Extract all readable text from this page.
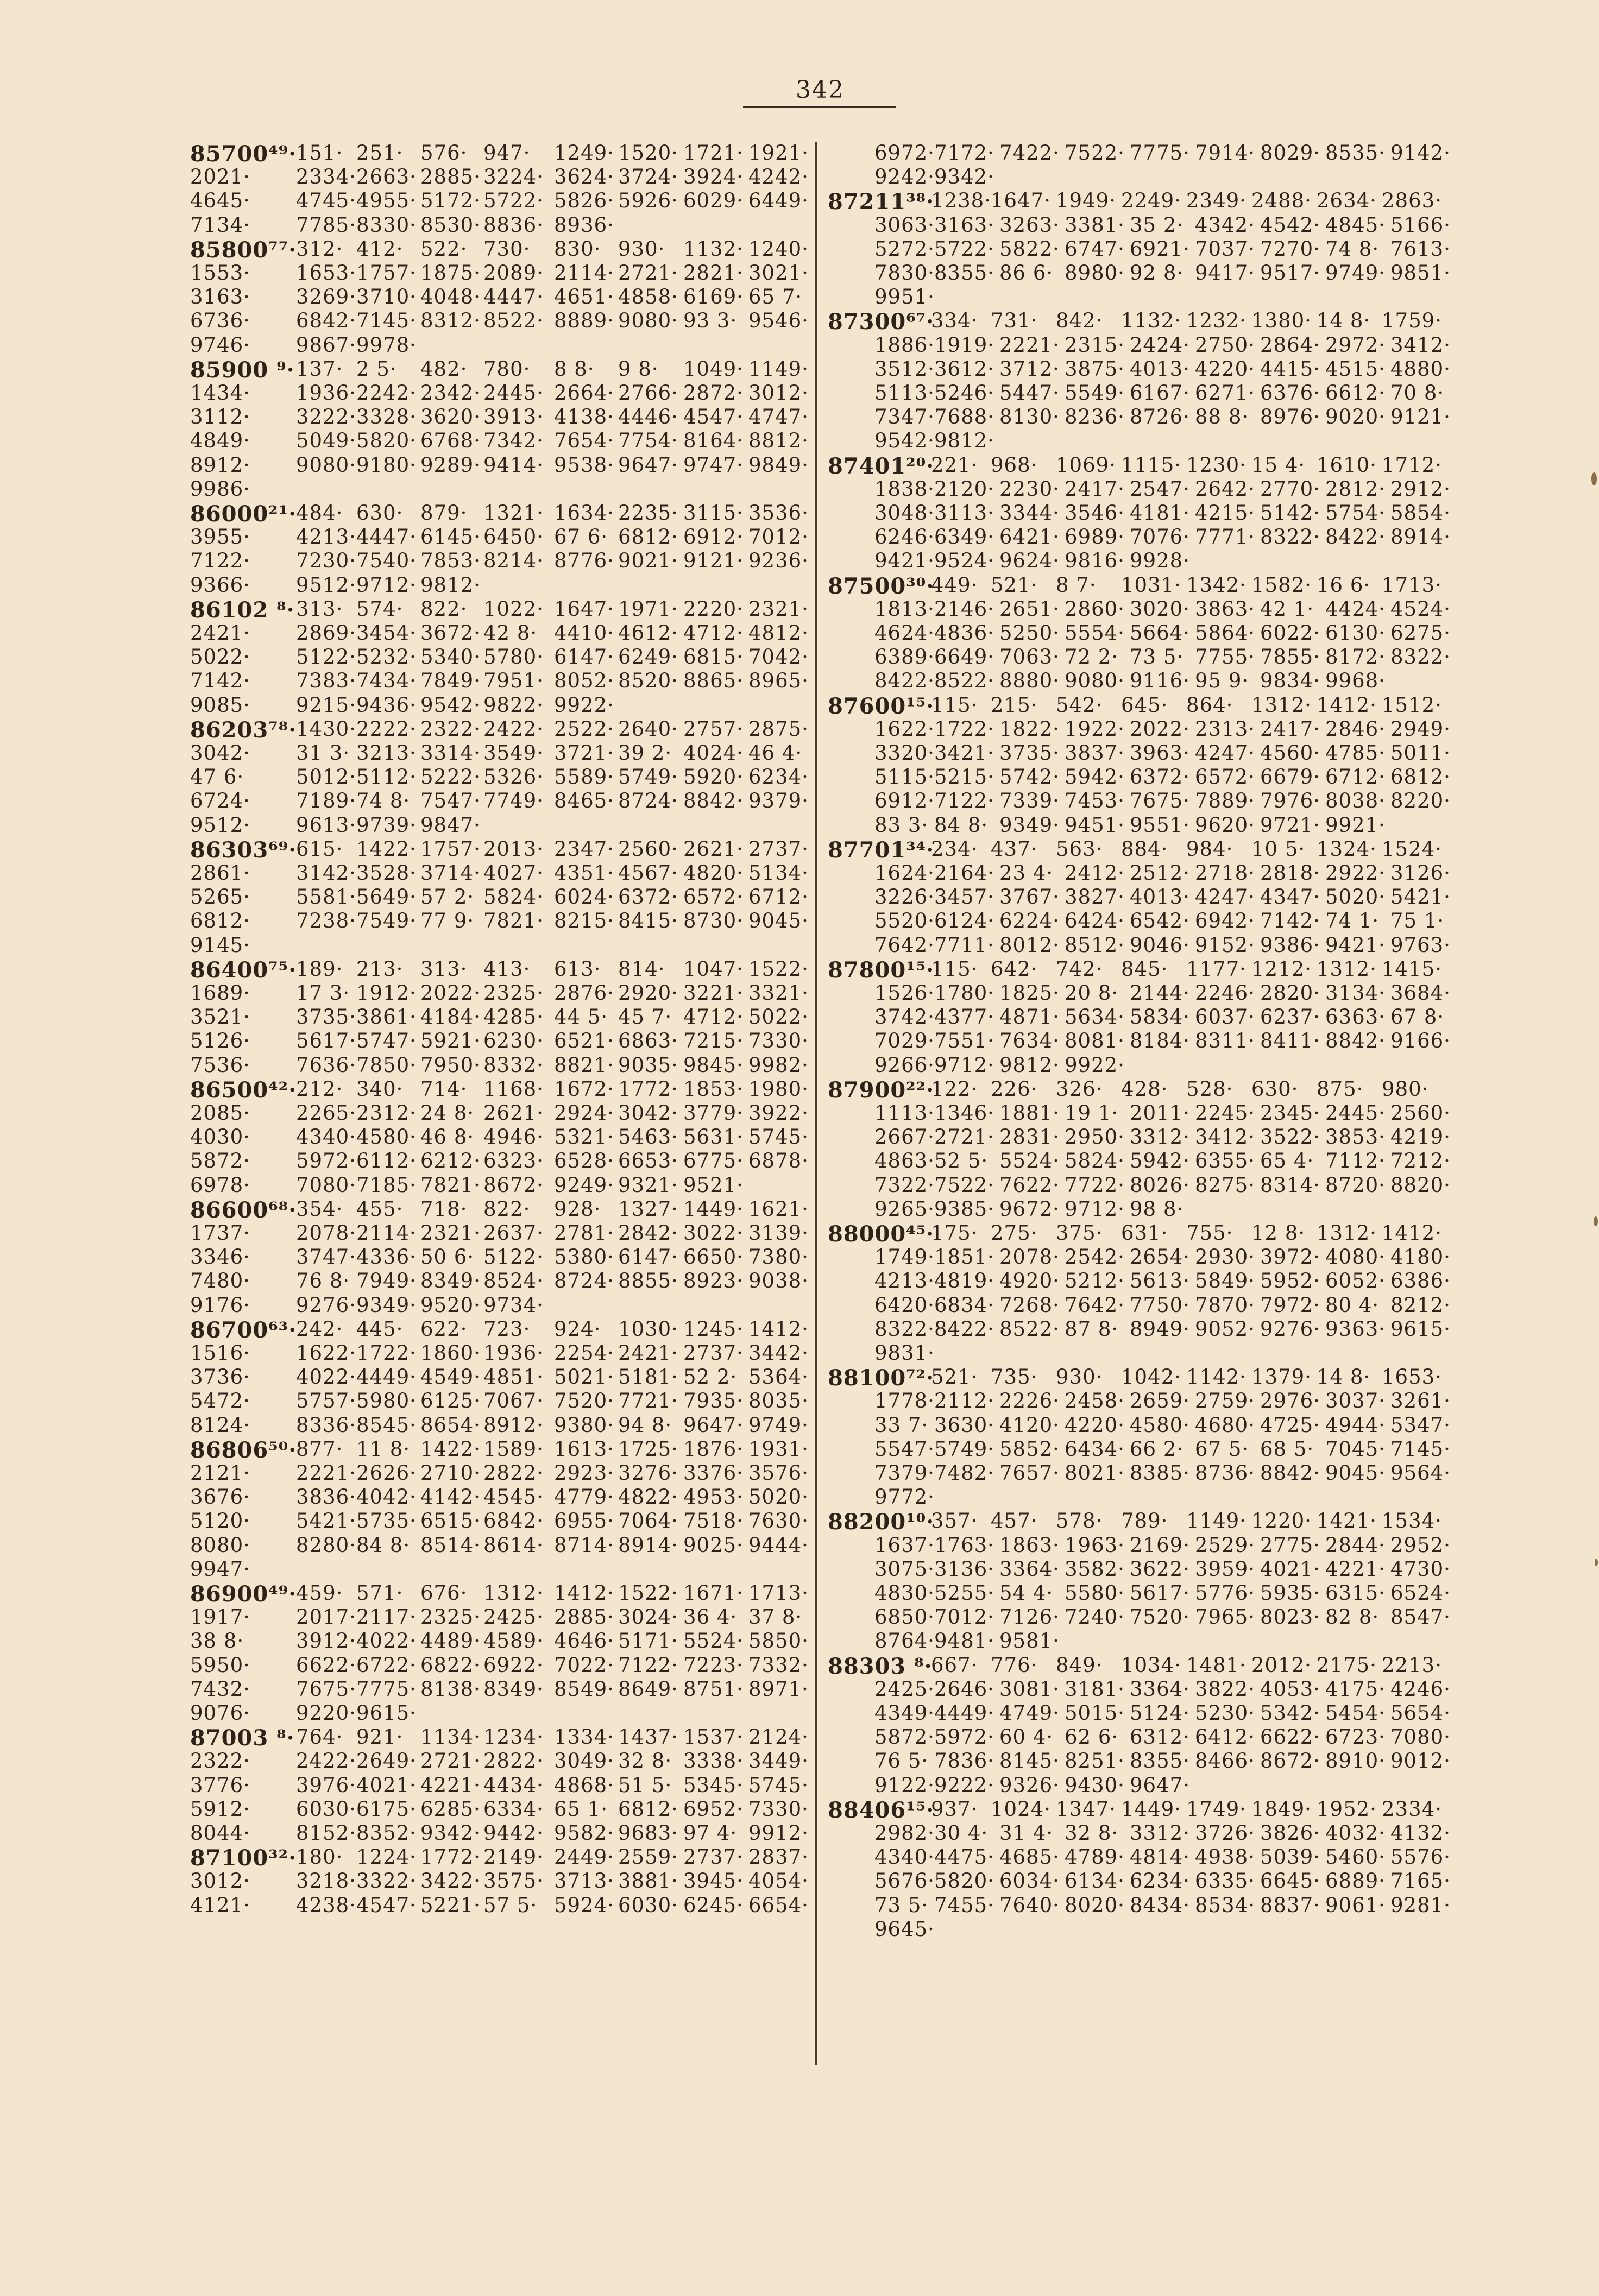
342
85700⁴⁹·
151· 251· 576· 947· 1249· 1520· 1721· 1921·
2021· 2334· 2663· 2885· 3224· 3624· 3724· 3924· 4242·
4645· 4745· 4955· 5172· 5722· 5826· 5926· 6029· 6449·
7134· 7785· 8330· 8530· 8836· 8936·
85800⁷⁷·
312· 412· 522· 730· 830· 930· 1132· 1240·
1553· 1653· 1757· 1875· 2089· 2114· 2721· 2821· 3021·
3163· 3269· 3710· 4048· 4447· 4651· 4858· 6169· 65 7·
6736· 6842· 7145· 8312· 8522· 8889· 9080· 93 3· 9546·
9746· 9867· 9978·
85900 ⁹· 137· 2 5· 482· 780· 8 8· 9 8· 1049· 1149·
1434· 1936· 2242· 2342· 2445· 2664· 2766· 2872· 3012·
3112· 3222· 3328· 3620· 3913· 4138· 4446· 4547· 4747·
4849· 5049· 5820· 6768· 7342· 7654· 7754· 8164· 8812·
8912· 9080· 9180· 9289· 9414· 9538· 9647· 9747· 9849·
9986·
86000²¹·
484· 630· 879· 1321· 1634· 2235· 3115· 3536·
3955· 4213· 4447· 6145· 6450· 67 6· 6812· 6912· 7012·
7122· 7230· 7540· 7853· 8214· 8776· 9021· 9121· 9236·
9366· 9512· 9712· 9812·
86102 ⁸· 313· 574· 822· 1022· 1647· 1971· 2220· 2321·
2421· 2869· 3454· 3672· 42 8· 4410· 4612· 4712· 4812·
5022· 5122· 5232· 5340· 5780· 6147· 6249· 6815· 7042·
7142· 7383· 7434· 7849· 7951· 8052· 8520· 8865· 8965·
9085· 9215· 9436· 9542· 9822· 9922·
86203⁷⁸·
1430· 2222· 2322· 2422· 2522· 2640· 2757· 2875·
3042· 31 3· 3213· 3314· 3549· 3721· 39 2· 4024· 46 4·
47 6·	5012· 5112· 5222· 5326· 5589· 5749· 5920· 6234·
6724· 7189· 74 8· 7547· 7749· 8465· 8724· 8842· 9379·
9512· 9613· 9739· 9847·
86303⁶⁹·
615· 1422· 1757· 2013· 2347· 2560· 2621· 2737·
2861· 3142· 3528· 3714· 4027· 4351· 4567· 4820· 5134·
5265· 5581· 5649· 57 2· 5824· 6024· 6372· 6572· 6712·
6812· 7238· 7549· 77 9· 7821· 8215· 8415· 8730· 9045·
9145·
86400⁷⁵·
189· 213· 313· 413· 613· 814· 1047· 1522·
1689· 17 3· 1912· 2022· 2325· 2876· 2920· 3221· 3321·
3521· 3735· 3861· 4184· 4285· 44 5· 45 7· 4712· 5022·
5126· 5617· 5747· 5921· 6230· 6521· 6863· 7215· 7330·
7536· 7636· 7850· 7950· 8332· 8821· 9035· 9845· 9982·
86500⁴²·
212· 340· 714· 1168· 1672· 1772· 1853· 1980·
2085· 2265· 2312· 24 8· 2621· 2924· 3042· 3779· 3922·
4030· 4340· 4580· 46 8· 4946· 5321· 5463· 5631· 5745·
5872· 5972· 6112· 6212· 6323· 6528· 6653· 6775· 6878·
6978· 7080· 7185· 7821· 8672· 9249· 9321· 9521·
86600⁶⁸·
354· 455· 718· 822· 928· 1327· 1449· 1621·
1737· 2078· 2114· 2321· 2637· 2781· 2842· 3022· 3139·
3346· 3747· 4336· 50 6· 5122· 5380· 6147· 6650· 7380·
7480· 76 8· 7949· 8349· 8524· 8724· 8855· 8923· 9038·
9176· 9276· 9349· 9520· 9734·
86700⁶³·
242· 445· 622· 723· 924· 1030· 1245· 1412·
1516· 1622· 1722· 1860· 1936· 2254· 2421· 2737· 3442·
3736· 4022· 4449· 4549· 4851· 5021· 5181· 52 2· 5364·
5472· 5757· 5980· 6125· 7067· 7520· 7721· 7935· 8035·
8124· 8336· 8545· 8654· 8912· 9380· 94 8· 9647· 9749·
86806⁵⁰·
877· 11 8· 1422· 1589· 1613· 1725· 1876· 1931·
2121· 2221· 2626· 2710· 2822· 2923· 3276· 3376· 3576·
3676· 3836· 4042· 4142· 4545· 4779· 4822· 4953· 5020·
5120· 5421· 5735· 6515· 6842· 6955· 7064· 7518· 7630·
8080· 8280· 84 8· 8514· 8614· 8714· 8914· 9025· 9444·
9947·
86900⁴⁹·
459· 571· 676· 1312· 1412· 1522· 1671· 1713·
1917· 2017· 2117· 2325· 2425· 2885· 3024· 36 4· 37 8·
38 8·	3912· 4022· 4489· 4589· 4646· 5171· 5524· 5850·
5950· 6622· 6722· 6822· 6922· 7022· 7122· 7223· 7332·
7432· 7675· 7775· 8138· 8349· 8549· 8649· 8751· 8971·
9076· 9220· 9615·
87003 ⁸· 764· 921· 1134· 1234· 1334· 1437· 1537· 2124·
2322· 2422· 2649· 2721· 2822· 3049· 32 8· 3338· 3449·
3776· 3976· 4021· 4221· 4434· 4868· 51 5· 5345· 5745·
5912· 6030· 6175· 6285· 6334· 65 1· 6812· 6952· 7330·
8044· 8152· 8352· 9342· 9442· 9582· 9683· 97 4· 9912·
87100³²·
180· 1224· 1772· 2149· 2449· 2559· 2737· 2837·
3012· 3218· 3322· 3422· 3575· 3713· 3881· 3945· 4054·
4121· 4238· 4547· 5221· 57 5· 5924· 6030· 6245· 6654·
6972· 7172· 7422· 7522· 7775· 7914· 8029· 8535· 9142·
9242· 9342·
87211³⁸·
1238· 1647· 1949· 2249· 2349· 2488· 2634· 2863·
3063· 3163· 3263· 3381· 35 2· 4342· 4542· 4845· 5166·
5272· 5722· 5822· 6747· 6921· 7037· 7270· 74 8· 7613·
7830· 8355· 86 6· 8980· 92 8· 9417· 9517· 9749· 9851·
9951·
87300⁶⁷·
334· 731· 842· 1132· 1232· 1380· 14 8· 1759·
1886· 1919· 2221· 2315· 2424· 2750· 2864· 2972· 3412·
3512· 3612· 3712· 3875· 4013· 4220· 4415· 4515· 4880·
5113· 5246· 5447· 5549· 6167· 6271· 6376· 6612· 70 8·
7347· 7688· 8130· 8236· 8726· 88 8· 8976· 9020· 9121·
9542· 9812·
87401²⁰·
221· 968· 1069· 1115· 1230· 15 4· 1610· 1712·
1838· 2120· 2230· 2417· 2547· 2642· 2770· 2812· 2912·
3048· 3113· 3344· 3546· 4181· 4215· 5142· 5754· 5854·
6246· 6349· 6421· 6989· 7076· 7771· 8322· 8422· 8914·
9421· 9524· 9624· 9816· 9928·
87500³⁰·
449· 521· 8 7· 1031· 1342· 1582· 16 6· 1713·
1813· 2146· 2651· 2860· 3020· 3863· 42 1· 4424· 4524·
4624· 4836· 5250· 5554· 5664· 5864· 6022· 6130· 6275·
6389· 6649· 7063· 72 2· 73 5· 7755· 7855· 8172· 8322·
8422· 8522· 8880· 9080· 9116· 95 9· 9834· 9968·
87600¹⁵·
115· 215· 542· 645· 864· 1312· 1412· 1512·
1622· 1722· 1822· 1922· 2022· 2313· 2417· 2846· 2949·
3320· 3421· 3735· 3837· 3963· 4247· 4560· 4785· 5011·
5115· 5215· 5742· 5942· 6372· 6572· 6679· 6712· 6812·
6912· 7122· 7339· 7453· 7675· 7889· 7976· 8038· 8220·
83 3· 84 8· 9349· 9451· 9551· 9620· 9721· 9921·
87701³⁴·
234· 437· 563· 884· 984· 10 5· 1324· 1524·
1624· 2164· 23 4· 2412· 2512· 2718· 2818· 2922· 3126·
3226· 3457· 3767· 3827· 4013· 4247· 4347· 5020· 5421·
5520· 6124· 6224· 6424· 6542· 6942· 7142· 74 1· 75 1·
7642· 7711· 8012· 8512· 9046· 9152· 9386· 9421· 9763·
87800¹⁵·
115· 642· 742· 845· 1177· 1212· 1312· 1415·
1526· 1780· 1825· 20 8· 2144· 2246· 2820· 3134· 3684·
3742· 4377· 4871· 5634· 5834· 6037· 6237· 6363· 67 8·
7029· 7551· 7634· 8081· 8184· 8311· 8411· 8842· 9166·
9266· 9712· 9812· 9922·
87900²²·
122· 226· 326· 428· 528· 630· 875· 980·
1113· 1346· 1881· 19 1· 2011· 2245· 2345· 2445· 2560·
2667· 2721· 2831· 2950· 3312· 3412· 3522· 3853· 4219·
4863· 52 5· 5524· 5824· 5942· 6355· 65 4· 7112· 7212·
7322· 7522· 7622· 7722· 8026· 8275· 8314· 8720· 8820·
9265· 9385· 9672· 9712· 98 8·
88000⁴⁵·
175· 275· 375· 631· 755· 12 8· 1312· 1412·
1749· 1851· 2078· 2542· 2654· 2930· 3972· 4080· 4180·
4213· 4819· 4920· 5212· 5613· 5849· 5952· 6052· 6386·
6420· 6834· 7268· 7642· 7750· 7870· 7972· 80 4· 8212·
8322· 8422· 8522· 87 8· 8949· 9052· 9276· 9363· 9615·
9831·
88100⁷²·
521· 735· 930· 1042· 1142· 1379· 14 8· 1653·
1778· 2112· 2226· 2458· 2659· 2759· 2976· 3037· 3261·
33 7· 3630· 4120· 4220· 4580· 4680· 4725· 4944· 5347·
5547· 5749· 5852· 6434· 66 2· 67 5· 68 5· 7045· 7145·
7379· 7482· 7657· 8021· 8385· 8736· 8842· 9045· 9564·
9772·
88200¹⁰·
357· 457· 578· 789· 1149· 1220· 1421· 1534·
1637· 1763· 1863· 1963· 2169· 2529· 2775· 2844· 2952·
3075· 3136· 3364· 3582· 3622· 3959· 4021· 4221· 4730·
4830· 5255· 54 4· 5580· 5617· 5776· 5935· 6315· 6524·
6850· 7012· 7126· 7240· 7520· 7965· 8023· 82 8· 8547·
8764· 9481· 9581·
88303 ⁸·
667· 776· 849· 1034· 1481· 2012· 2175· 2213·
2425· 2646· 3081· 3181· 3364· 3822· 4053· 4175· 4246·
4349· 4449· 4749· 5015· 5124· 5230· 5342· 5454· 5654·
5872· 5972· 60 4· 62 6· 6312· 6412· 6622· 6723· 7080·
76 5· 7836· 8145· 8251· 8355· 8466· 8672· 8910· 9012·
9122· 9222· 9326· 9430· 9647·
88406¹⁵·
937· 1024· 1347· 1449· 1749· 1849· 1952· 2334·
2982· 30 4· 31 4· 32 8· 3312· 3726· 3826· 4032· 4132·
4340· 4475· 4685· 4789· 4814· 4938· 5039· 5460· 5576·
5676· 5820· 6034· 6134· 6234· 6335· 6645· 6889· 7165·
73 5· 7455· 7640· 8020· 8434· 8534· 8837· 9061· 9281·
9645·
